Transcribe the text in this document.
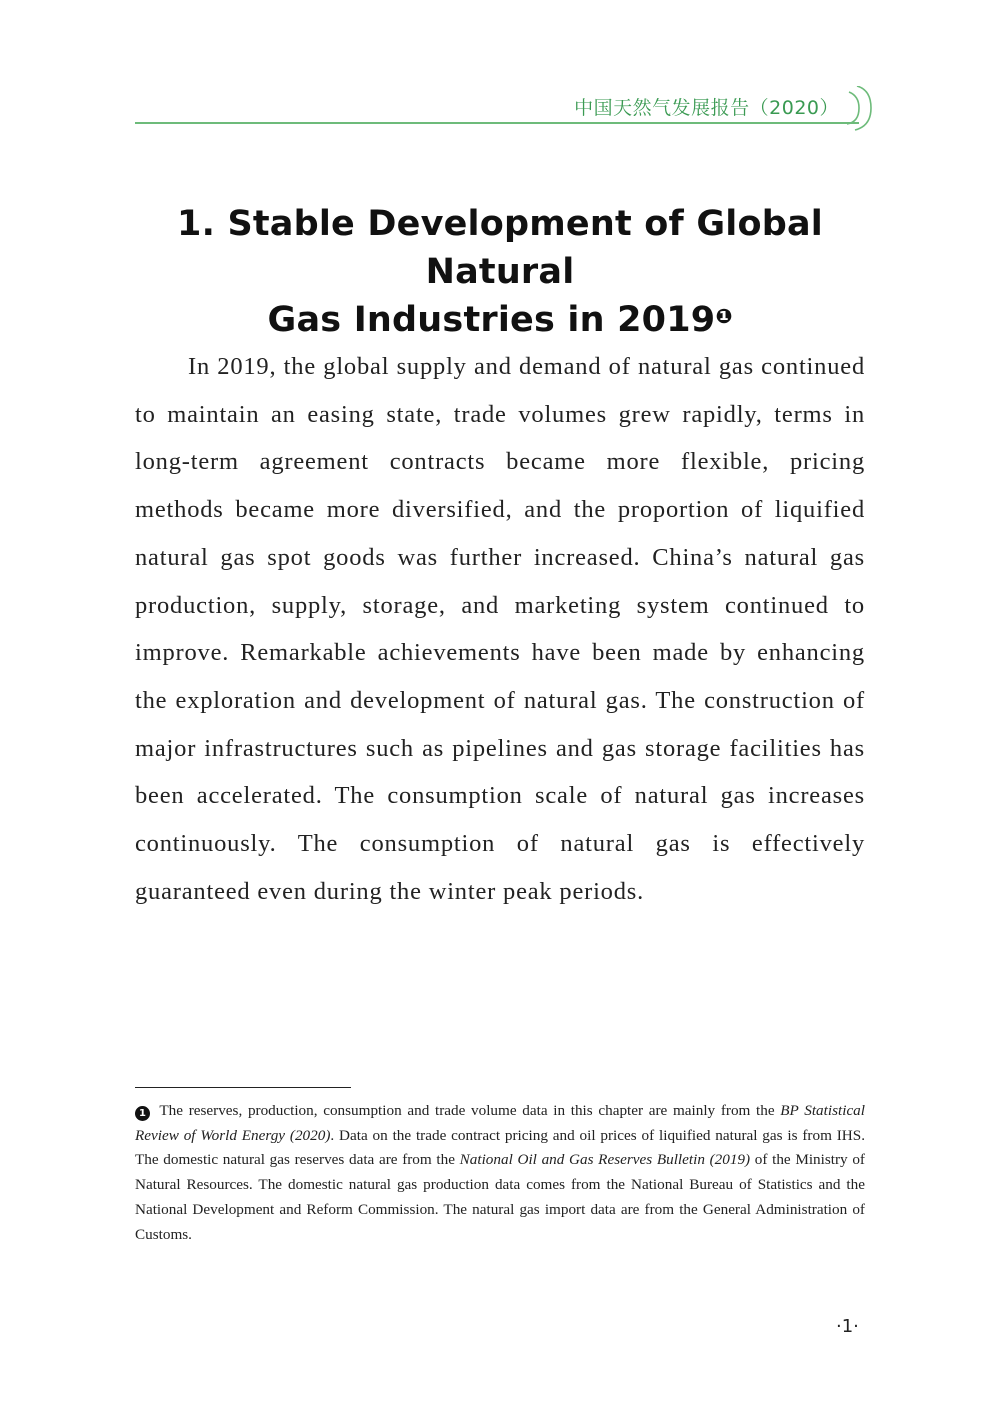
中国天然气发展报告（2020）
1. Stable Development of Global Natural
Gas Industries in $2019^❶$

In 2019, the global supply and demand of natural gas continued to maintain an easing state, trade volumes grew rapidly, terms in long-term agreement contracts became more flexible, pricing methods became more diversified, and the proportion of liquified natural gas spot goods was further increased. China’s natural gas production, supply, storage, and marketing system continued to improve. Remarkable achievements have been made by enhancing the exploration and development of natural gas. The construction of major infrastructures such as pipelines and gas storage facilities has been accelerated. The consumption scale of natural gas increases continuously. The consumption of natural gas is effectively guaranteed even during the winter peak periods.

1 The reserves, production, consumption and trade volume data in this chapter are mainly from the BP Statistical Review of World Energy (2020). Data on the trade contract pricing and oil prices of liquified natural gas is from IHS. The domestic natural gas reserves data are from the National Oil and Gas Reserves Bulletin (2019) of the Ministry of Natural Resources. The domestic natural gas production data comes from the National Bureau of Statistics and the National Development and Reform Commission. The natural gas import data are from the General Administration of Customs.

·1·
